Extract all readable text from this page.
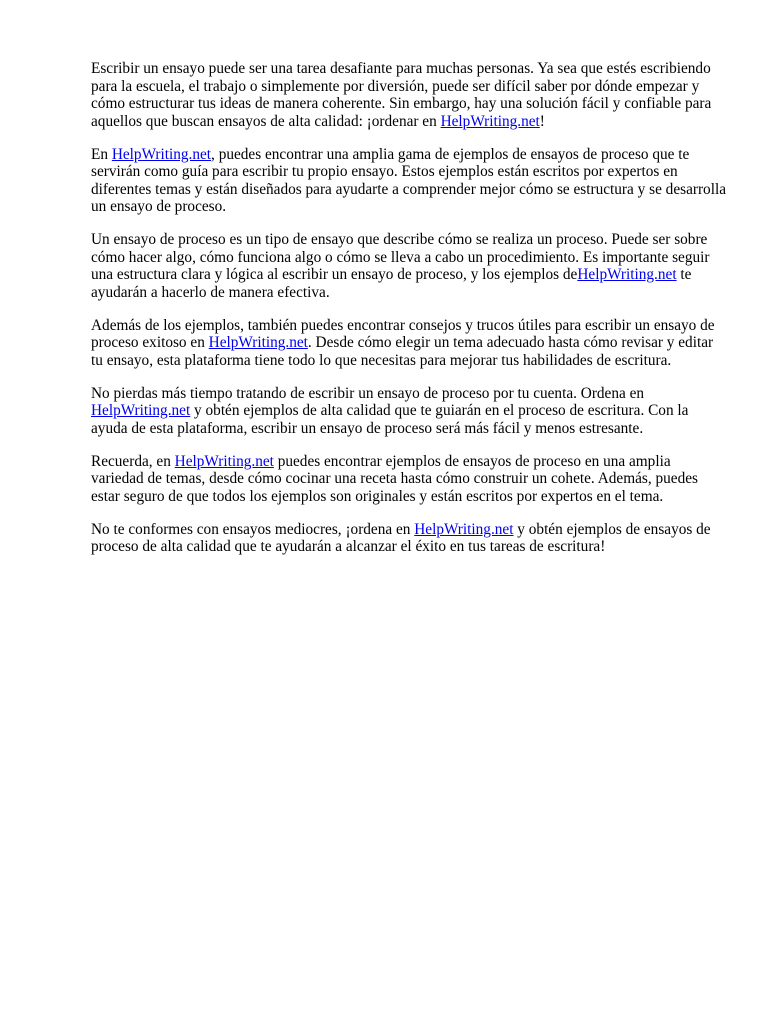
Escribir un ensayo puede ser una tarea desafiante para muchas personas. Ya sea que estés escribiendo para la escuela, el trabajo o simplemente por diversión, puede ser difícil saber por dónde empezar y cómo estructurar tus ideas de manera coherente. Sin embargo, hay una solución fácil y confiable para aquellos que buscan ensayos de alta calidad: ¡ordenar en HelpWriting.net!

En HelpWriting.net, puedes encontrar una amplia gama de ejemplos de ensayos de proceso que te servirán como guía para escribir tu propio ensayo. Estos ejemplos están escritos por expertos en diferentes temas y están diseñados para ayudarte a comprender mejor cómo se estructura y se desarrolla un ensayo de proceso.

Un ensayo de proceso es un tipo de ensayo que describe cómo se realiza un proceso. Puede ser sobre cómo hacer algo, cómo funciona algo o cómo se lleva a cabo un procedimiento. Es importante seguir una estructura clara y lógica al escribir un ensayo de proceso, y los ejemplos deHelpWriting.net te ayudarán a hacerlo de manera efectiva.

Además de los ejemplos, también puedes encontrar consejos y trucos útiles para escribir un ensayo de proceso exitoso en HelpWriting.net. Desde cómo elegir un tema adecuado hasta cómo revisar y editar tu ensayo, esta plataforma tiene todo lo que necesitas para mejorar tus habilidades de escritura.

No pierdas más tiempo tratando de escribir un ensayo de proceso por tu cuenta. Ordena en HelpWriting.net y obtén ejemplos de alta calidad que te guiarán en el proceso de escritura. Con la ayuda de esta plataforma, escribir un ensayo de proceso será más fácil y menos estresante.

Recuerda, en HelpWriting.net puedes encontrar ejemplos de ensayos de proceso en una amplia variedad de temas, desde cómo cocinar una receta hasta cómo construir un cohete. Además, puedes estar seguro de que todos los ejemplos son originales y están escritos por expertos en el tema.

No te conformes con ensayos mediocres, ¡ordena en HelpWriting.net y obtén ejemplos de ensayos de proceso de alta calidad que te ayudarán a alcanzar el éxito en tus tareas de escritura!
